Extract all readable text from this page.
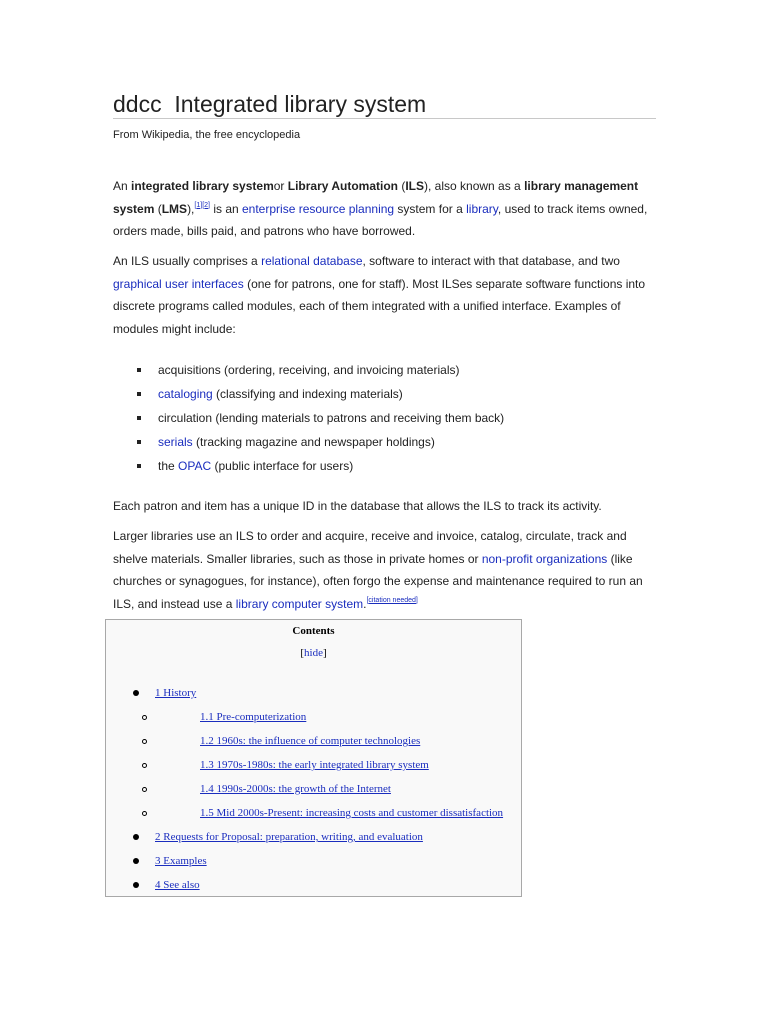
ddcc Integrated library system
From Wikipedia, the free encyclopedia

An integrated library systemor Library Automation (ILS), also known as a library management system (LMS),[1][2] is an enterprise resource planning system for a library, used to track items owned, orders made, bills paid, and patrons who have borrowed.

An ILS usually comprises a relational database, software to interact with that database, and two graphical user interfaces (one for patrons, one for staff). Most ILSes separate software functions into discrete programs called modules, each of them integrated with a unified interface. Examples of modules might include:

acquisitions (ordering, receiving, and invoicing materials)
cataloging (classifying and indexing materials)
circulation (lending materials to patrons and receiving them back)
serials (tracking magazine and newspaper holdings)
the OPAC (public interface for users)

Each patron and item has a unique ID in the database that allows the ILS to track its activity.

Larger libraries use an ILS to order and acquire, receive and invoice, catalog, circulate, track and shelve materials. Smaller libraries, such as those in private homes or non-profit organizations (like churches or synagogues, for instance), often forgo the expense and maintenance required to run an ILS, and instead use a library computer system.[citation needed]

Contents
[hide]
1 History
1.1 Pre-computerization
1.2 1960s: the influence of computer technologies
1.3 1970s-1980s: the early integrated library system
1.4 1990s-2000s: the growth of the Internet
1.5 Mid 2000s-Present: increasing costs and customer dissatisfaction
2 Requests for Proposal: preparation, writing, and evaluation
3 Examples
4 See also
